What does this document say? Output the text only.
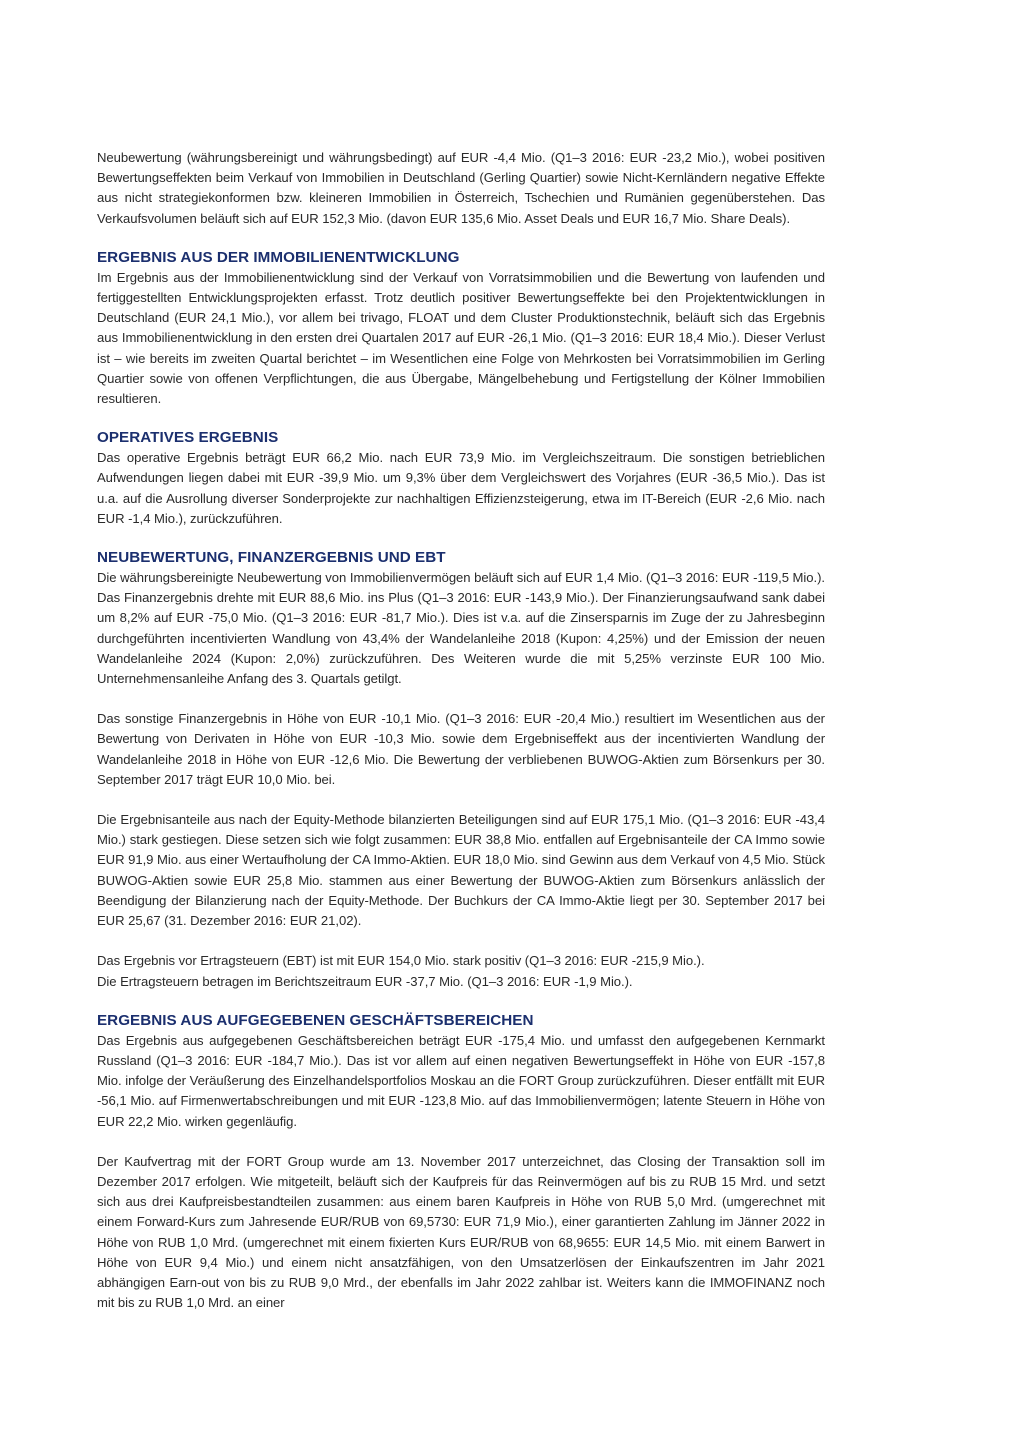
Neubewertung (währungsbereinigt und währungsbedingt) auf EUR -4,4 Mio. (Q1–3 2016: EUR -23,2 Mio.), wobei positiven Bewertungseffekten beim Verkauf von Immobilien in Deutschland (Gerling Quartier) sowie Nicht-Kernländern negative Effekte aus nicht strategiekonformen bzw. kleineren Immobilien in Österreich, Tschechien und Rumänien gegenüberstehen. Das Verkaufsvolumen beläuft sich auf EUR 152,3 Mio. (davon EUR 135,6 Mio. Asset Deals und EUR 16,7 Mio. Share Deals).

ERGEBNIS AUS DER IMMOBILIENENTWICKLUNG

Im Ergebnis aus der Immobilienentwicklung sind der Verkauf von Vorratsimmobilien und die Bewertung von laufenden und fertiggestellten Entwicklungsprojekten erfasst. Trotz deutlich positiver Bewertungseffekte bei den Projektentwicklungen in Deutschland (EUR 24,1 Mio.), vor allem bei trivago, FLOAT und dem Cluster Produktionstechnik, beläuft sich das Ergebnis aus Immobilienentwicklung in den ersten drei Quartalen 2017 auf EUR -26,1 Mio. (Q1–3 2016: EUR 18,4 Mio.). Dieser Verlust ist – wie bereits im zweiten Quartal berichtet – im Wesentlichen eine Folge von Mehrkosten bei Vorratsimmobilien im Gerling Quartier sowie von offenen Verpflichtungen, die aus Übergabe, Mängelbehebung und Fertigstellung der Kölner Immobilien resultieren.

OPERATIVES ERGEBNIS

Das operative Ergebnis beträgt EUR 66,2 Mio. nach EUR 73,9 Mio. im Vergleichszeitraum. Die sonstigen betrieblichen Aufwendungen liegen dabei mit EUR -39,9 Mio. um 9,3% über dem Vergleichswert des Vorjahres (EUR -36,5 Mio.). Das ist u.a. auf die Ausrollung diverser Sonderprojekte zur nachhaltigen Effizienzsteigerung, etwa im IT-Bereich (EUR -2,6 Mio. nach EUR -1,4 Mio.), zurückzuführen.

NEUBEWERTUNG, FINANZERGEBNIS UND EBT

Die währungsbereinigte Neubewertung von Immobilienvermögen beläuft sich auf EUR 1,4 Mio. (Q1–3 2016: EUR -119,5 Mio.). Das Finanzergebnis drehte mit EUR 88,6 Mio. ins Plus (Q1–3 2016: EUR -143,9 Mio.). Der Finanzierungsaufwand sank dabei um 8,2% auf EUR -75,0 Mio. (Q1–3 2016: EUR -81,7 Mio.). Dies ist v.a. auf die Zinsersparnis im Zuge der zu Jahresbeginn durchgeführten incentivierten Wandlung von 43,4% der Wandelanleihe 2018 (Kupon: 4,25%) und der Emission der neuen Wandelanleihe 2024 (Kupon: 2,0%) zurückzuführen. Des Weiteren wurde die mit 5,25% verzinste EUR 100 Mio. Unternehmensanleihe Anfang des 3. Quartals getilgt.

Das sonstige Finanzergebnis in Höhe von EUR -10,1 Mio. (Q1–3 2016: EUR -20,4 Mio.) resultiert im Wesentlichen aus der Bewertung von Derivaten in Höhe von EUR -10,3 Mio. sowie dem Ergebniseffekt aus der incentivierten Wandlung der Wandelanleihe 2018 in Höhe von EUR -12,6 Mio. Die Bewertung der verbliebenen BUWOG-Aktien zum Börsenkurs per 30. September 2017 trägt EUR 10,0 Mio. bei.

Die Ergebnisanteile aus nach der Equity-Methode bilanzierten Beteiligungen sind auf EUR 175,1 Mio. (Q1–3 2016: EUR -43,4 Mio.) stark gestiegen. Diese setzen sich wie folgt zusammen: EUR 38,8 Mio. entfallen auf Ergebnisanteile der CA Immo sowie EUR 91,9 Mio. aus einer Wertaufholung der CA Immo-Aktien. EUR 18,0 Mio. sind Gewinn aus dem Verkauf von 4,5 Mio. Stück BUWOG-Aktien sowie EUR 25,8 Mio. stammen aus einer Bewertung der BUWOG-Aktien zum Börsenkurs anlässlich der Beendigung der Bilanzierung nach der Equity-Methode. Der Buchkurs der CA Immo-Aktie liegt per 30. September 2017 bei EUR 25,67 (31. Dezember 2016: EUR 21,02).

Das Ergebnis vor Ertragsteuern (EBT) ist mit EUR 154,0 Mio. stark positiv (Q1–3 2016: EUR -215,9 Mio.).

Die Ertragsteuern betragen im Berichtszeitraum EUR -37,7 Mio. (Q1–3 2016: EUR -1,9 Mio.).

ERGEBNIS AUS AUFGEGEBENEN GESCHÄFTSBEREICHEN

Das Ergebnis aus aufgegebenen Geschäftsbereichen beträgt EUR -175,4 Mio. und umfasst den aufgegebenen Kernmarkt Russland (Q1–3 2016: EUR -184,7 Mio.). Das ist vor allem auf einen negativen Bewertungseffekt in Höhe von EUR -157,8 Mio. infolge der Veräußerung des Einzelhandelsportfolios Moskau an die FORT Group zurückzuführen. Dieser entfällt mit EUR -56,1 Mio. auf Firmenwertabschreibungen und mit EUR -123,8 Mio. auf das Immobilienvermögen; latente Steuern in Höhe von EUR 22,2 Mio. wirken gegenläufig.

Der Kaufvertrag mit der FORT Group wurde am 13. November 2017 unterzeichnet, das Closing der Transaktion soll im Dezember 2017 erfolgen. Wie mitgeteilt, beläuft sich der Kaufpreis für das Reinvermögen auf bis zu RUB 15 Mrd. und setzt sich aus drei Kaufpreisbestandteilen zusammen: aus einem baren Kaufpreis in Höhe von RUB 5,0 Mrd. (umgerechnet mit einem Forward-Kurs zum Jahresende EUR/RUB von 69,5730: EUR 71,9 Mio.), einer garantierten Zahlung im Jänner 2022 in Höhe von RUB 1,0 Mrd. (umgerechnet mit einem fixierten Kurs EUR/RUB von 68,9655: EUR 14,5 Mio. mit einem Barwert in Höhe von EUR 9,4 Mio.) und einem nicht ansatzfähigen, von den Umsatzerlösen der Einkaufszentren im Jahr 2021 abhängigen Earn-out von bis zu RUB 9,0 Mrd., der ebenfalls im Jahr 2022 zahlbar ist. Weiters kann die IMMOFINANZ noch mit bis zu RUB 1,0 Mrd. an einer
